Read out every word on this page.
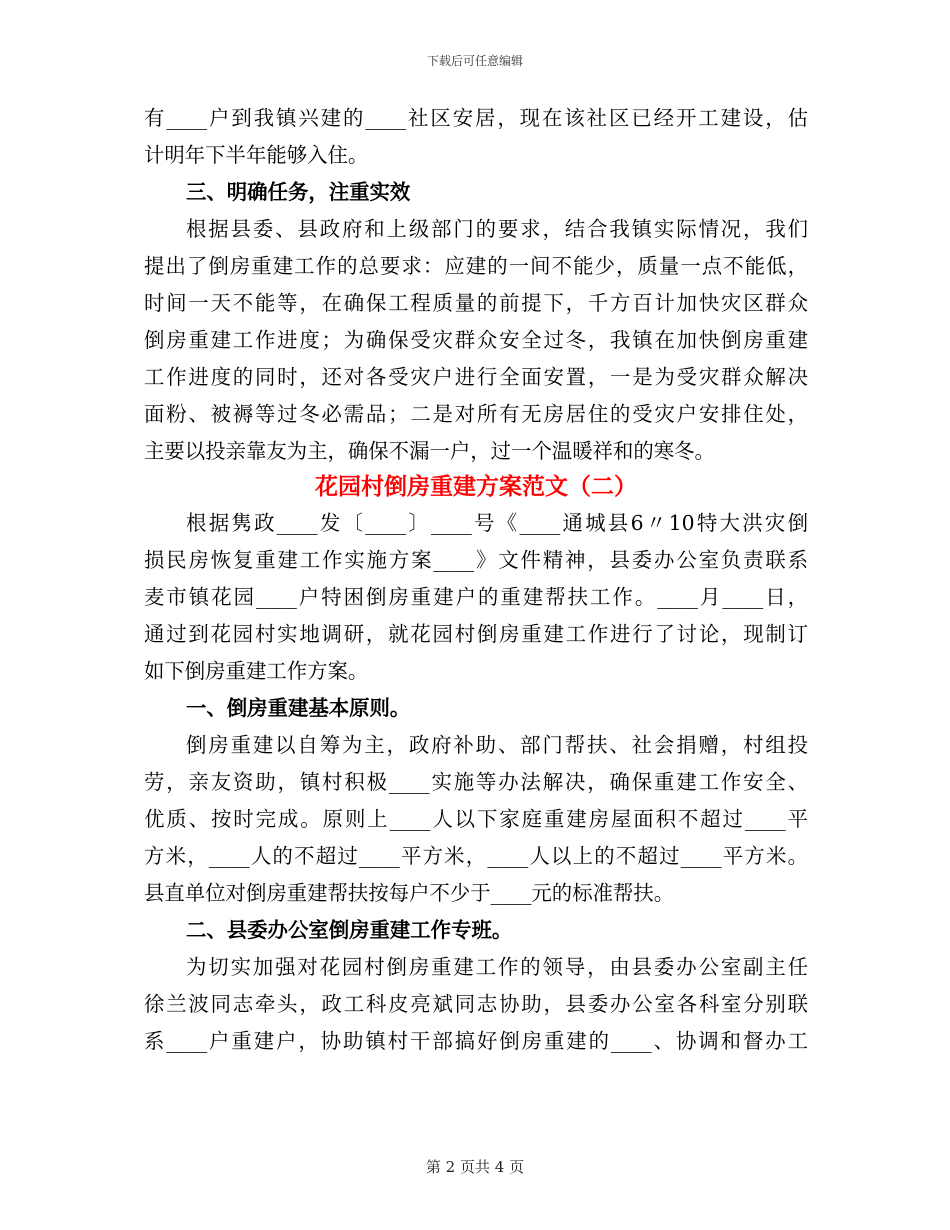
下载后可任意编辑
有____户到我镇兴建的____社区安居，现在该社区已经开工建设，估
计明年下半年能够入住。
三、明确任务，注重实效
根据县委、县政府和上级部门的要求，结合我镇实际情况，我们
提出了倒房重建工作的总要求：应建的一间不能少，质量一点不能低，
时间一天不能等，在确保工程质量的前提下，千方百计加快灾区群众
倒房重建工作进度；为确保受灾群众安全过冬，我镇在加快倒房重建
工作进度的同时，还对各受灾户进行全面安置，一是为受灾群众解决
面粉、被褥等过冬必需品；二是对所有无房居住的受灾户安排住处，
主要以投亲靠友为主，确保不漏一户，过一个温暖祥和的寒冬。
花园村倒房重建方案范文（二）
根据隽政____发〔____〕____号《____通城县6〃10特大洪灾倒
损民房恢复重建工作实施方案____》文件精神，县委办公室负责联系
麦市镇花园____户特困倒房重建户的重建帮扶工作。____月____日，
通过到花园村实地调研，就花园村倒房重建工作进行了讨论，现制订
如下倒房重建工作方案。
一、倒房重建基本原则。
倒房重建以自筹为主，政府补助、部门帮扶、社会捐赠，村组投
劳，亲友资助，镇村积极____实施等办法解决，确保重建工作安全、
优质、按时完成。原则上____人以下家庭重建房屋面积不超过____平
方米，____人的不超过____平方米，____人以上的不超过____平方米。
县直单位对倒房重建帮扶按每户不少于____元的标准帮扶。
二、县委办公室倒房重建工作专班。
为切实加强对花园村倒房重建工作的领导，由县委办公室副主任
徐兰波同志牵头，政工科皮亮斌同志协助，县委办公室各科室分别联
系____户重建户，协助镇村干部搞好倒房重建的____、协调和督办工
第 2 页共 4 页
